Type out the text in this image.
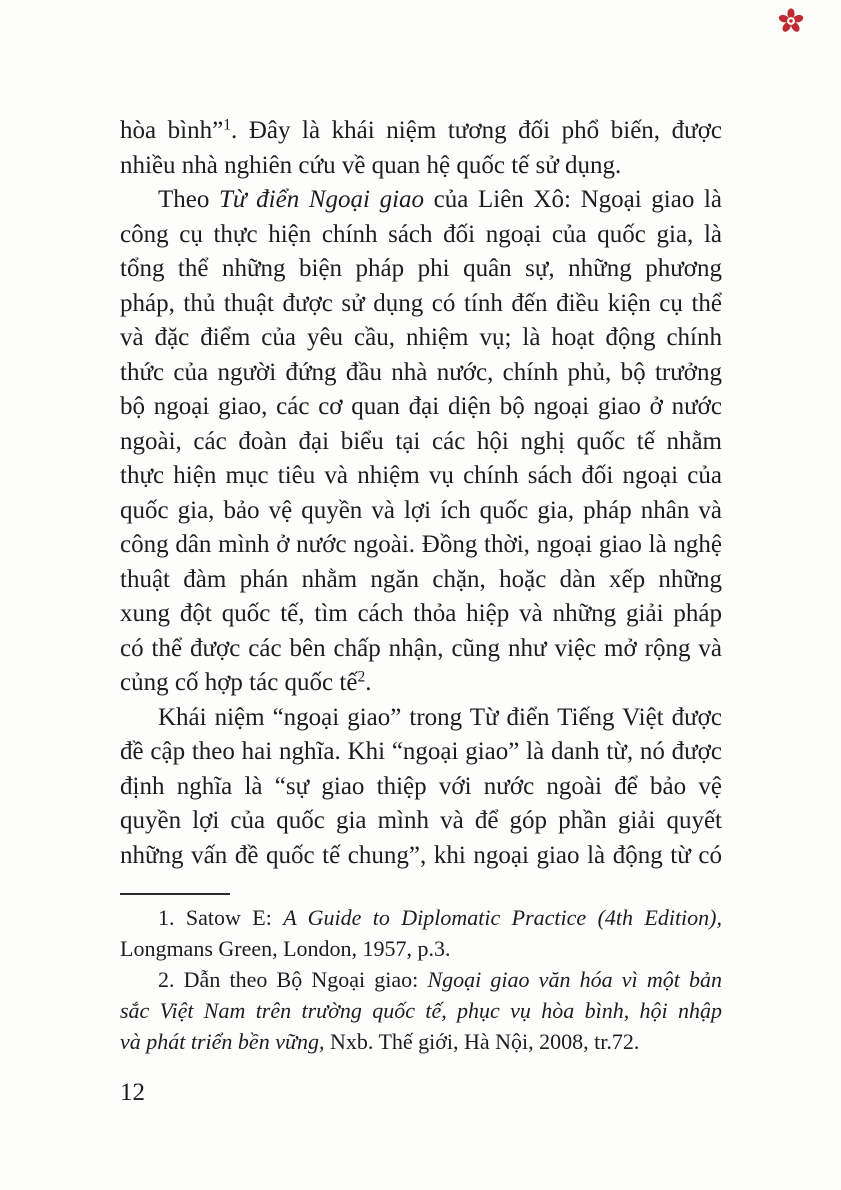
hòa bình”$^1$. Đây là khái niệm tương đối phổ biến, được
nhiều nhà nghiên cứu về quan hệ quốc tế sử dụng.
Theo Từ điển Ngoại giao của Liên Xô: Ngoại giao là
công cụ thực hiện chính sách đối ngoại của quốc gia, là
tổng thể những biện pháp phi quân sự, những phương
pháp, thủ thuật được sử dụng có tính đến điều kiện cụ thể
và đặc điểm của yêu cầu, nhiệm vụ; là hoạt động chính
thức của người đứng đầu nhà nước, chính phủ, bộ trưởng
bộ ngoại giao, các cơ quan đại diện bộ ngoại giao ở nước
ngoài, các đoàn đại biểu tại các hội nghị quốc tế nhằm
thực hiện mục tiêu và nhiệm vụ chính sách đối ngoại của
quốc gia, bảo vệ quyền và lợi ích quốc gia, pháp nhân và
công dân mình ở nước ngoài. Đồng thời, ngoại giao là nghệ
thuật đàm phán nhằm ngăn chặn, hoặc dàn xếp những
xung đột quốc tế, tìm cách thỏa hiệp và những giải pháp
có thể được các bên chấp nhận, cũng như việc mở rộng và
củng cố hợp tác quốc tế$^2$.
Khái niệm “ngoại giao” trong Từ điển Tiếng Việt được
đề cập theo hai nghĩa. Khi “ngoại giao” là danh từ, nó được
định nghĩa là “sự giao thiệp với nước ngoài để bảo vệ
quyền lợi của quốc gia mình và để góp phần giải quyết
những vấn đề quốc tế chung”, khi ngoại giao là động từ có
1. Satow E: A Guide to Diplomatic Practice (4th Edition),
Longmans Green, London, 1957, p.3.
2. Dẫn theo Bộ Ngoại giao: Ngoại giao văn hóa vì một bản
sắc Việt Nam trên trường quốc tế, phục vụ hòa bình, hội nhập
và phát triển bền vững, Nxb. Thế giới, Hà Nội, 2008, tr.72.
12
